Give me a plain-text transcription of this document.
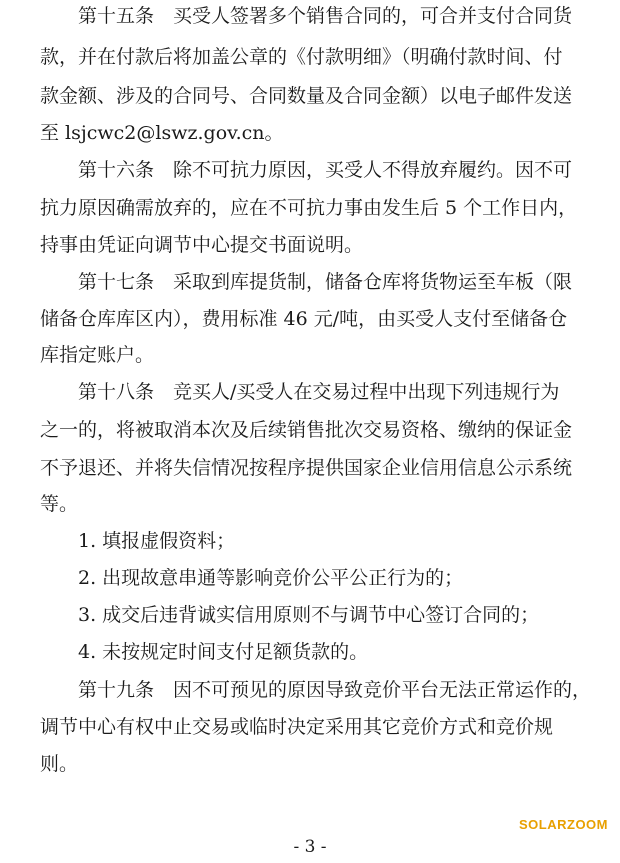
第十五条　买受人签署多个销售合同的，可合并支付合同货
款，并在付款后将加盖公章的《付款明细》（明确付款时间、付
款金额、涉及的合同号、合同数量及合同金额）以电子邮件发送
至 lsjcwc2@lswz.gov.cn。
第十六条　除不可抗力原因，买受人不得放弃履约。因不可
抗力原因确需放弃的，应在不可抗力事由发生后 5 个工作日内，
持事由凭证向调节中心提交书面说明。
第十七条　采取到库提货制，储备仓库将货物运至车板（限
储备仓库库区内），费用标准 46 元/吨，由买受人支付至储备仓
库指定账户。
第十八条　竞买人/买受人在交易过程中出现下列违规行为
之一的，将被取消本次及后续销售批次交易资格、缴纳的保证金
不予退还、并将失信情况按程序提供国家企业信用信息公示系统
等。
1. 填报虚假资料；
2. 出现故意串通等影响竞价公平公正行为的；
3. 成交后违背诚实信用原则不与调节中心签订合同的；
4. 未按规定时间支付足额货款的。
第十九条　因不可预见的原因导致竞价平台无法正常运作的，
调节中心有权中止交易或临时决定采用其它竞价方式和竞价规
则。
SOLARZOOM
- 3 -
